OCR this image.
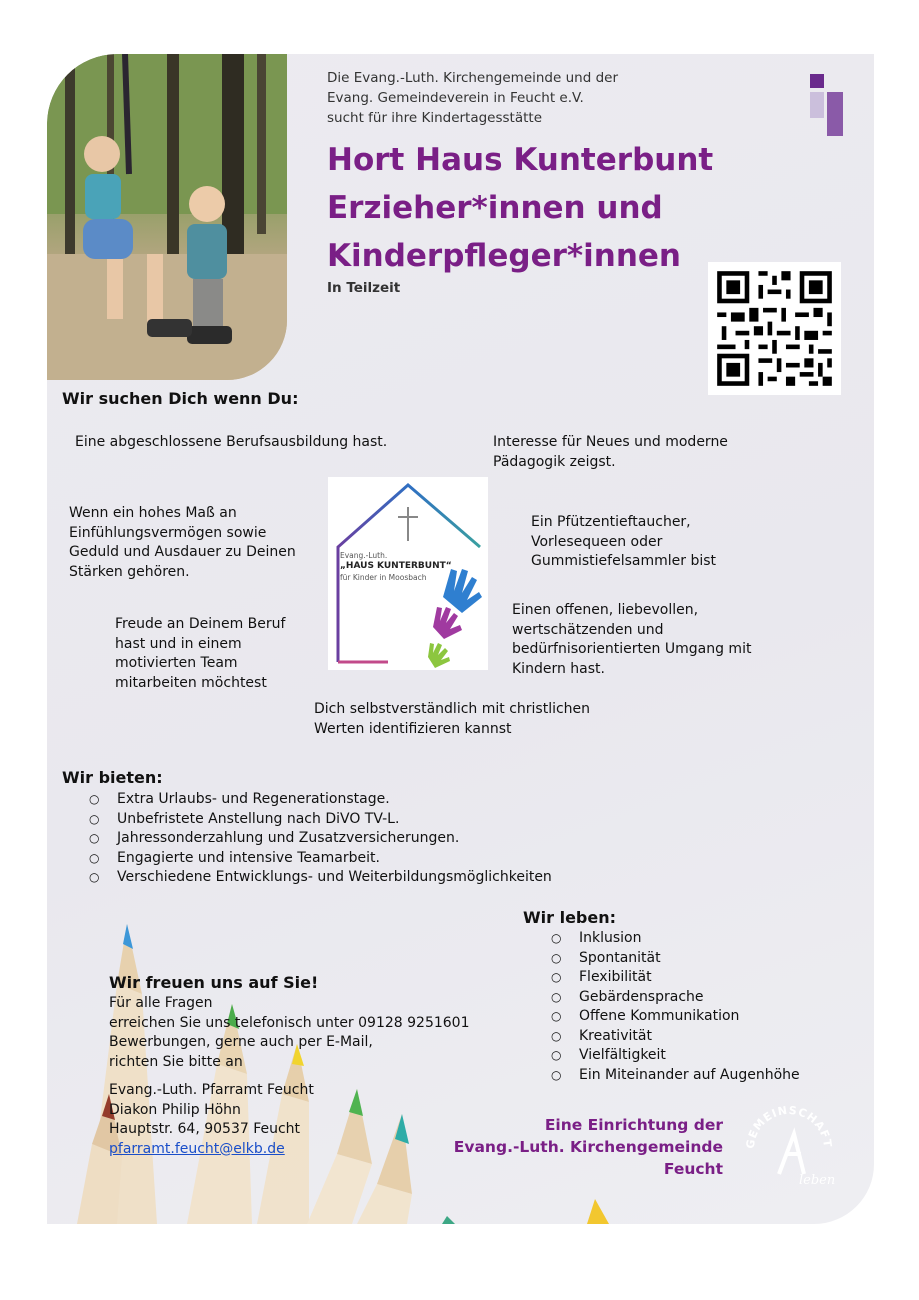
Die Evang.-Luth. Kirchengemeinde und der
Evang. Gemeindeverein in Feucht e.V.
sucht für ihre Kindertagesstätte
Hort Haus Kunterbunt
Erzieher*innen und
Kinderpfleger*innen
In Teilzeit
Wir suchen Dich wenn Du:
Eine abgeschlossene Berufsausbildung hast.	Interesse für Neues und moderne
Pädagogik zeigst.
Wenn ein hohes Maß an
Einfühlungsvermögen sowie
Geduld und Ausdauer zu Deinen
Stärken gehören.
Ein Pfützentieftaucher,
Vorlesequeen oder
Gummistiefelsammler bist
Freude an Deinem Beruf
hast und in einem
motivierten Team
mitarbeiten möchtest
Einen offenen, liebevollen,
wertschätzenden und
bedürfnisorientierten Umgang mit
Kindern hast.
Dich selbstverständlich mit christlichen
Werten identifizieren kannst
Evang.-Luth.
„HAUS KUNTERBUNT“
für Kinder in Moosbach
Wir bieten:
○	Extra Urlaubs- und Regenerationstage.
○	Unbefristete Anstellung nach DiVO TV-L.
○	Jahressonderzahlung und Zusatzversicherungen.
○	Engagierte und intensive Teamarbeit.
○	Verschiedene Entwicklungs- und Weiterbildungsmöglichkeiten
Wir leben:
○	Inklusion
○	Spontanität
○	Flexibilität
○	Gebärdensprache
○	Offene Kommunikation
○	Kreativität
○	Vielfältigkeit
○	Ein Miteinander auf Augenhöhe
Wir freuen uns auf Sie!
Für alle Fragen
erreichen Sie uns telefonisch unter 09128 9251601
Bewerbungen, gerne auch per E-Mail,
richten Sie bitte an
Evang.-Luth. Pfarramt Feucht
Diakon Philip Höhn
Hauptstr. 64, 90537 Feucht
pfarramt.feucht@elkb.de
Eine Einrichtung der
Evang.-Luth. Kirchengemeinde
Feucht
GEMEINSCHAFT
leben
